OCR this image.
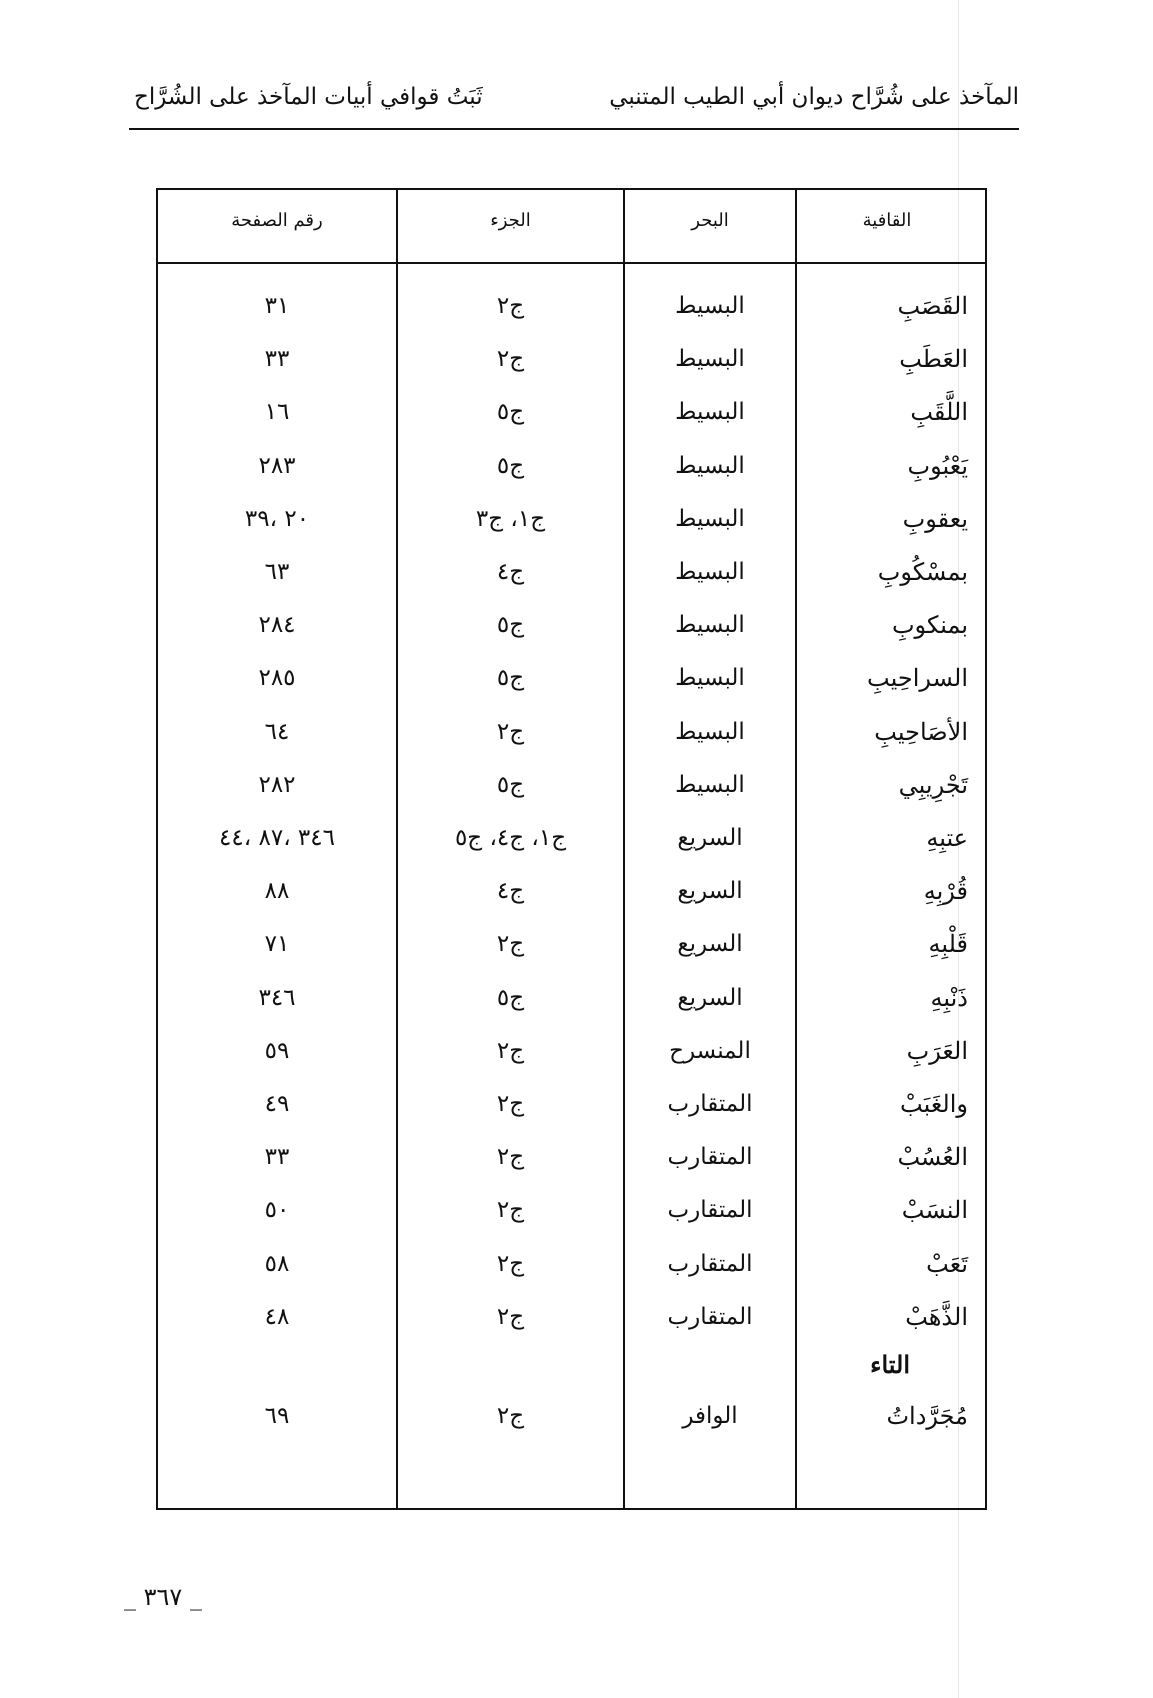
المآخذ على شُرَّاح ديوان أبي الطيب المتنبي
ثَبَتُ قوافي أبيات المآخذ على الشُرَّاح
القافية
البحر
الجزء
رقم الصفحة
القَصَبِ
البسيط
ج٢
٣١
العَطَبِ
البسيط
ج٢
٣٣
اللَّقَبِ
البسيط
ج٥
١٦
يَعْبُوبِ
البسيط
ج٥
٢٨٣
يعقوبِ
البسيط
ج١، ج٣
٢٠ ،٣٩
بمسْكُوبِ
البسيط
ج٤
٦٣
بمنكوبِ
البسيط
ج٥
٢٨٤
السراحِيبِ
البسيط
ج٥
٢٨٥
الأصَاحِيبِ
البسيط
ج٢
٦٤
تَجْرِيبِي
البسيط
ج٥
٢٨٢
عتبِهِ
السريع
ج١، ج٤، ج٥
٣٤٦ ،٨٧ ،٤٤
قُرْبِهِ
السريع
ج٤
٨٨
قَلْبِهِ
السريع
ج٢
٧١
ذَنْبِهِ
السريع
ج٥
٣٤٦
العَرَبِ
المنسرح
ج٢
٥٩
والغَبَبْ
المتقارب
ج٢
٤٩
العُسُبْ
المتقارب
ج٢
٣٣
النسَبْ
المتقارب
ج٢
٥٠
تَعَبْ
المتقارب
ج٢
٥٨
الذَّهَبْ
المتقارب
ج٢
٤٨
التاء
مُجَرَّداتُ
الوافر
ج٢
٦٩
_ ٣٦٧ _
